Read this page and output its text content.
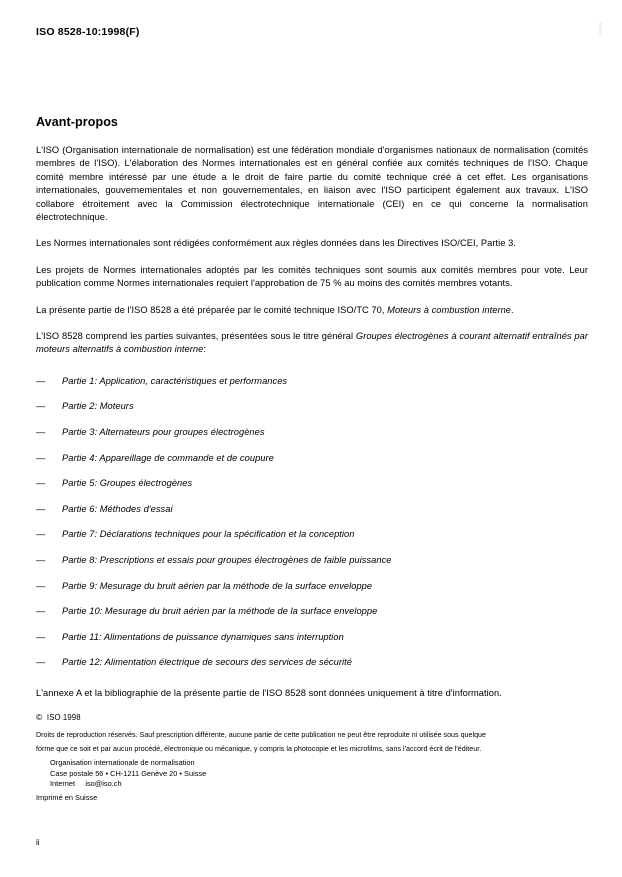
ISO 8528-10:1998(F)
Avant-propos

L'ISO (Organisation internationale de normalisation) est une fédération mondiale d'organismes nationaux de normalisation (comités membres de l'ISO). L'élaboration des Normes internationales est en général confiée aux comités techniques de l'ISO. Chaque comité membre intéressé par une étude a le droit de faire partie du comité technique créé à cet effet. Les organisations internationales, gouvernementales et non gouvernementales, en liaison avec l'ISO participent également aux travaux. L'ISO collabore étroitement avec la Commission électrotechnique internationale (CEI) en ce qui concerne la normalisation électrotechnique.

Les Normes internationales sont rédigées conformément aux règles données dans les Directives ISO/CEI, Partie 3.

Les projets de Normes internationales adoptés par les comités techniques sont soumis aux comités membres pour vote. Leur publication comme Normes internationales requiert l'approbation de 75 % au moins des comités membres votants.

La présente partie de l'ISO 8528 a été préparée par le comité technique ISO/TC 70, Moteurs à combustion interne.

L'ISO 8528 comprend les parties suivantes, présentées sous le titre général Groupes électrogènes à courant alternatif entraînés par moteurs alternatifs à combustion interne:

— Partie 1: Application, caractéristiques et performances
— Partie 2: Moteurs
— Partie 3: Alternateurs pour groupes électrogènes
— Partie 4: Appareillage de commande et de coupure
— Partie 5: Groupes électrogènes
— Partie 6: Méthodes d'essai
— Partie 7: Déclarations techniques pour la spécification et la conception
— Partie 8: Prescriptions et essais pour groupes électrogènes de faible puissance
— Partie 9: Mesurage du bruit aérien par la méthode de la surface enveloppe
— Partie 10: Mesurage du bruit aérien par la méthode de la surface enveloppe
— Partie 11: Alimentations de puissance dynamiques sans interruption
— Partie 12: Alimentation électrique de secours des services de sécurité

L'annexe A et la bibliographie de la présente partie de l'ISO 8528 sont données uniquement à titre d'information.

© ISO 1998
Droits de reproduction réservés. Sauf prescription différente, aucune partie de cette publication ne peut être reproduite ni utilisée sous quelque
forme que ce soit et par aucun procédé, électronique ou mécanique, y compris la photocopie et les microfilms, sans l'accord écrit de l'éditeur.
Organisation internationale de normalisation
Case postale 56 • CH-1211 Genève 20 • Suisse
Internet     iso@iso.ch
Imprimé en Suisse
ii
